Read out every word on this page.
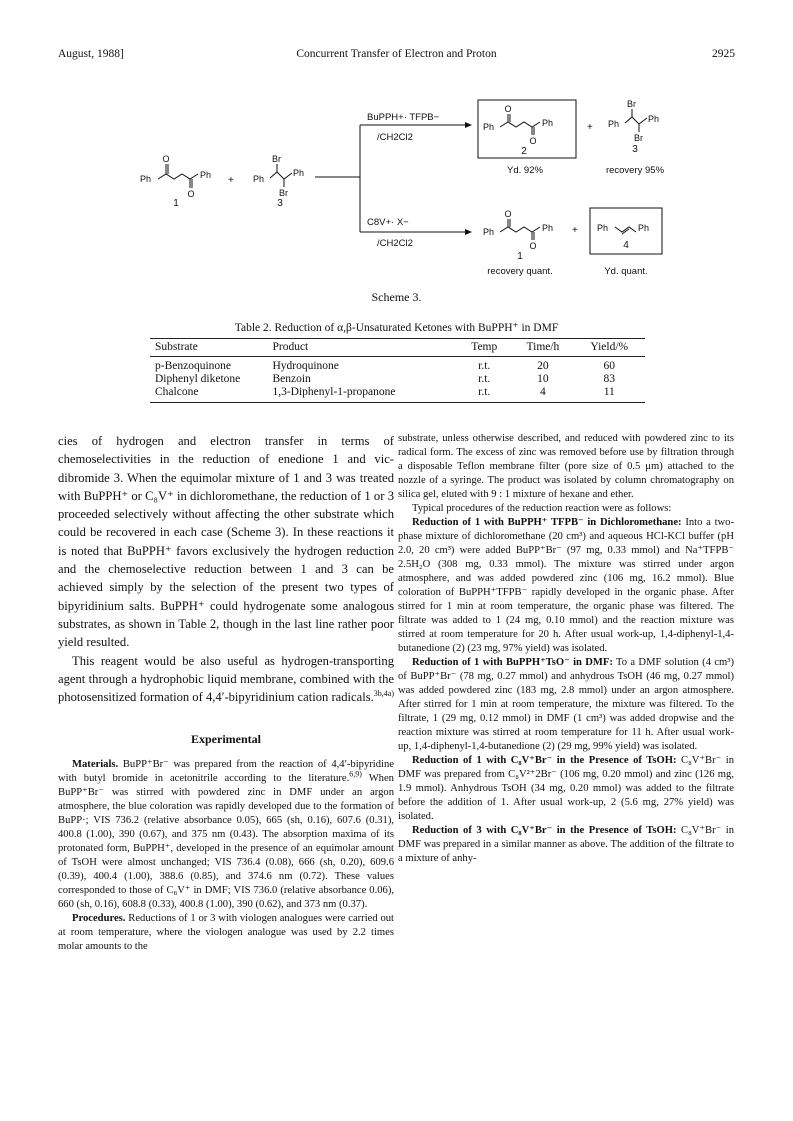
August, 1988]	Concurrent Transfer of Electron and Proton	2925
O
O
Ph	Ph
1
+
Br
Br
Ph
Ph
3
BuPPH+· TFPB−
/CH2Cl2
C8V+· X−
/CH2Cl2
O
O
Ph	Ph
2
Yd. 92%
+
Br
Br
Ph	Ph
3
recovery 95%
O
O
Ph	Ph
1
recovery quant.
+ Ph	Ph
4
Yd. quant.
Scheme 3.
Table 2. Reduction of α,β-Unsaturated Ketones with BuPPH⁺ in DMF
Substrate	Product	Temp	Time/h	Yield/%
p-Benzoquinone	Hydroquinone	r.t.	20	60
Diphenyl diketone	Benzoin	r.t.	10	83
Chalcone	1,3-Diphenyl-1-propanone	r.t.	4	11

cies of hydrogen and electron transfer in terms of chemoselectivities in the reduction of enedione 1 and vic-dibromide 3. When the equimolar mixture of 1 and 3 was treated with BuPPH⁺ or C₈V⁺ in dichloromethane, the reduction of 1 or 3 proceeded selectively without affecting the other substrate which could be recovered in each case (Scheme 3). In these reactions it is noted that BuPPH⁺ favors exclusively the hydrogen reduction and the chemoselective reduction between 1 and 3 can be achieved simply by the selection of the present two types of bipyridinium salts. BuPPH⁺ could hydrogenate some analogous substrates, as shown in Table 2, though in the last line rather poor yield resulted.

This reagent would be also useful as hydrogen-transporting agent through a hydrophobic liquid membrane, combined with the photosensitized formation of 4,4′-bipyridinium cation radicals.$^{3b,4a)}$

Experimental

Materials. BuPP⁺Br⁻ was prepared from the reaction of 4,4′-bipyridine with butyl bromide in acetonitrile according to the literature.$^{6,9)}$ When BuPP⁺Br⁻ was stirred with powdered zinc in DMF under an argon atmosphere, the blue coloration was rapidly developed due to the formation of BuPP·; VIS 736.2 (relative absorbance 0.05), 665 (sh, 0.16), 607.6 (0.31), 400.8 (1.00), 390 (0.67), and 375 nm (0.43). The absorption maxima of its protonated form, BuPPH⁺, developed in the presence of an equimolar amount of TsOH were almost unchanged; VIS 736.4 (0.08), 666 (sh, 0.20), 609.6 (0.39), 400.4 (1.00), 388.6 (0.85), and 374.6 nm (0.72). These values corresponded to those of C₈V⁺ in DMF; VIS 736.0 (relative absorbance 0.06), 660 (sh, 0.16), 608.8 (0.33), 400.8 (1.00), 390 (0.62), and 373 nm (0.37).

Procedures. Reductions of 1 or 3 with viologen analogues were carried out at room temperature, where the viologen analogue was used by 2.2 times molar amounts to the

substrate, unless otherwise described, and reduced with powdered zinc to its radical form. The excess of zinc was removed before use by filtration through a disposable Teflon membrane filter (pore size of 0.5 μm) attached to the nozzle of a syringe. The product was isolated by column chromatography on silica gel, eluted with 9 : 1 mixture of hexane and ether.

Typical procedures of the reduction reaction were as follows:

Reduction of 1 with BuPPH⁺ TFPB⁻ in Dichloromethane: Into a two-phase mixture of dichloromethane (20 cm³) and aqueous HCl-KCl buffer (pH 2.0, 20 cm³) were added BuPP⁺Br⁻ (97 mg, 0.33 mmol) and Na⁺TFPB⁻ 2.5H₂O (308 mg, 0.33 mmol). The mixture was stirred under argon atmosphere, and was added powdered zinc (106 mg, 16.2 mmol). Blue coloration of BuPPH⁺TFPB⁻ rapidly developed in the organic phase. After stirred for 1 min at room temperature, the organic phase was filtered. The filtrate was added to 1 (24 mg, 0.10 mmol) and the reaction mixture was stirred at room temperature for 20 h. After usual work-up, 1,4-diphenyl-1,4-butanedione (2) (23 mg, 97% yield) was isolated.

Reduction of 1 with BuPPH⁺TsO⁻ in DMF: To a DMF solution (4 cm³) of BuPP⁺Br⁻ (78 mg, 0.27 mmol) and anhydrous TsOH (46 mg, 0.27 mmol) was added powdered zinc (183 mg, 2.8 mmol) under an argon atmosphere. After stirred for 1 min at room temperature, the mixture was filtered. To the filtrate, 1 (29 mg, 0.12 mmol) in DMF (1 cm³) was added dropwise and the reaction mixture was stirred at room temperature for 11 h. After usual work-up, 1,4-diphenyl-1,4-butanedione (2) (29 mg, 99% yield) was isolated.

Reduction of 1 with C₈V⁺Br⁻ in the Presence of TsOH: C₈V⁺Br⁻ in DMF was prepared from C₈V²⁺2Br⁻ (106 mg, 0.20 mmol) and zinc (126 mg, 1.9 mmol). Anhydrous TsOH (34 mg, 0.20 mmol) was added to the filtrate before the addition of 1. After usual work-up, 2 (5.6 mg, 27% yield) was isolated.

Reduction of 3 with C₈V⁺Br⁻ in the Presence of TsOH: C₈V⁺Br⁻ in DMF was prepared in a similar manner as above. The addition of the filtrate to a mixture of anhy-
